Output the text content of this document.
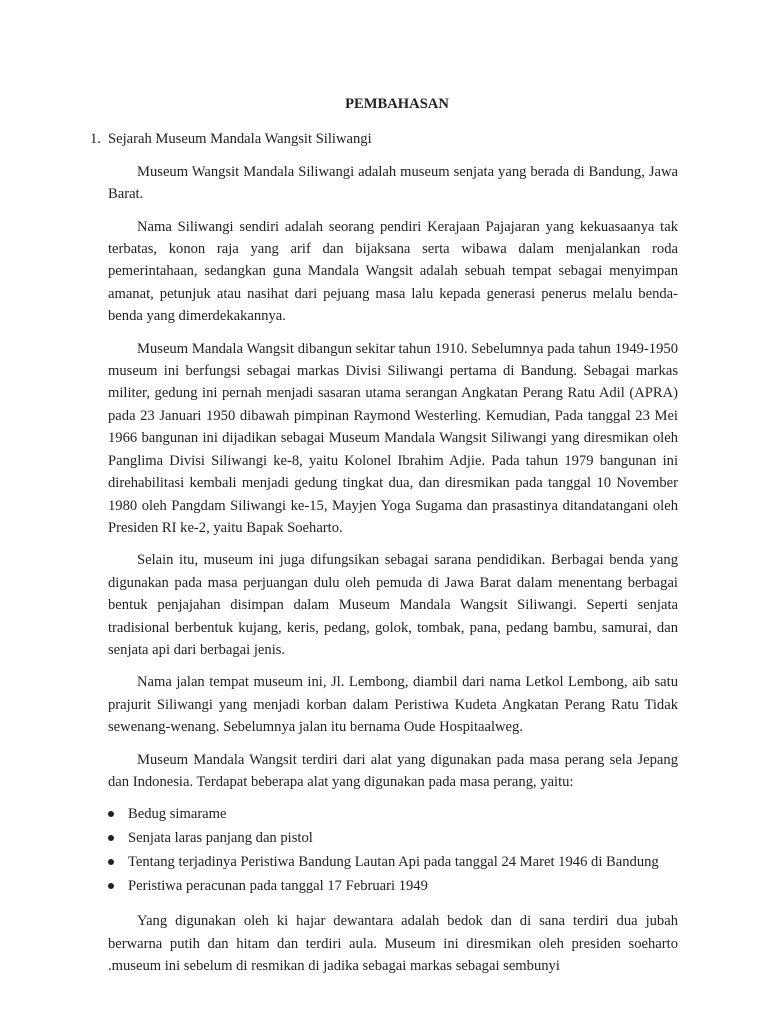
PEMBAHASAN
1. Sejarah Museum Mandala Wangsit Siliwangi

Museum Wangsit Mandala Siliwangi adalah museum senjata yang berada di Bandung, Jawa Barat.

Nama Siliwangi sendiri adalah seorang pendiri Kerajaan Pajajaran yang kekuasaanya tak terbatas, konon raja yang arif dan bijaksana serta wibawa dalam menjalankan roda pemerintahaan, sedangkan guna Mandala Wangsit adalah sebuah tempat sebagai menyimpan amanat, petunjuk atau nasihat dari pejuang masa lalu kepada generasi penerus melalu benda-benda yang dimerdekakannya.

Museum Mandala Wangsit dibangun sekitar tahun 1910. Sebelumnya pada tahun 1949-1950 museum ini berfungsi sebagai markas Divisi Siliwangi pertama di Bandung. Sebagai markas militer, gedung ini pernah menjadi sasaran utama serangan Angkatan Perang Ratu Adil (APRA) pada 23 Januari 1950 dibawah pimpinan Raymond Westerling. Kemudian, Pada tanggal 23 Mei 1966 bangunan ini dijadikan sebagai Museum Mandala Wangsit Siliwangi yang diresmikan oleh Panglima Divisi Siliwangi ke-8, yaitu Kolonel Ibrahim Adjie. Pada tahun 1979 bangunan ini direhabilitasi kembali menjadi gedung tingkat dua, dan diresmikan pada tanggal 10 November 1980 oleh Pangdam Siliwangi ke-15, Mayjen Yoga Sugama dan prasastinya ditandatangani oleh Presiden RI ke-2, yaitu Bapak Soeharto.

Selain itu, museum ini juga difungsikan sebagai sarana pendidikan. Berbagai benda yang digunakan pada masa perjuangan dulu oleh pemuda di Jawa Barat dalam menentang berbagai bentuk penjajahan disimpan dalam Museum Mandala Wangsit Siliwangi. Seperti senjata tradisional berbentuk kujang, keris, pedang, golok, tombak, pana, pedang bambu, samurai, dan senjata api dari berbagai jenis.

Nama jalan tempat museum ini, Jl. Lembong, diambil dari nama Letkol Lembong, aib satu prajurit Siliwangi yang menjadi korban dalam Peristiwa Kudeta Angkatan Perang Ratu Tidak sewenang-wenang. Sebelumnya jalan itu bernama Oude Hospitaalweg.

Museum Mandala Wangsit terdiri dari alat yang digunakan pada masa perang sela Jepang dan Indonesia. Terdapat beberapa alat yang digunakan pada masa perang, yaitu:

Bedug simarame
Senjata laras panjang dan pistol
Tentang terjadinya Peristiwa Bandung Lautan Api pada tanggal 24 Maret 1946 di Bandung
Peristiwa peracunan pada tanggal 17 Februari 1949

Yang digunakan oleh ki hajar dewantara adalah bedok dan di sana terdiri dua jubah berwarna putih dan hitam dan terdiri aula. Museum ini diresmikan oleh presiden soeharto .museum ini sebelum di resmikan di jadika sebagai markas sebagai sembunyi
